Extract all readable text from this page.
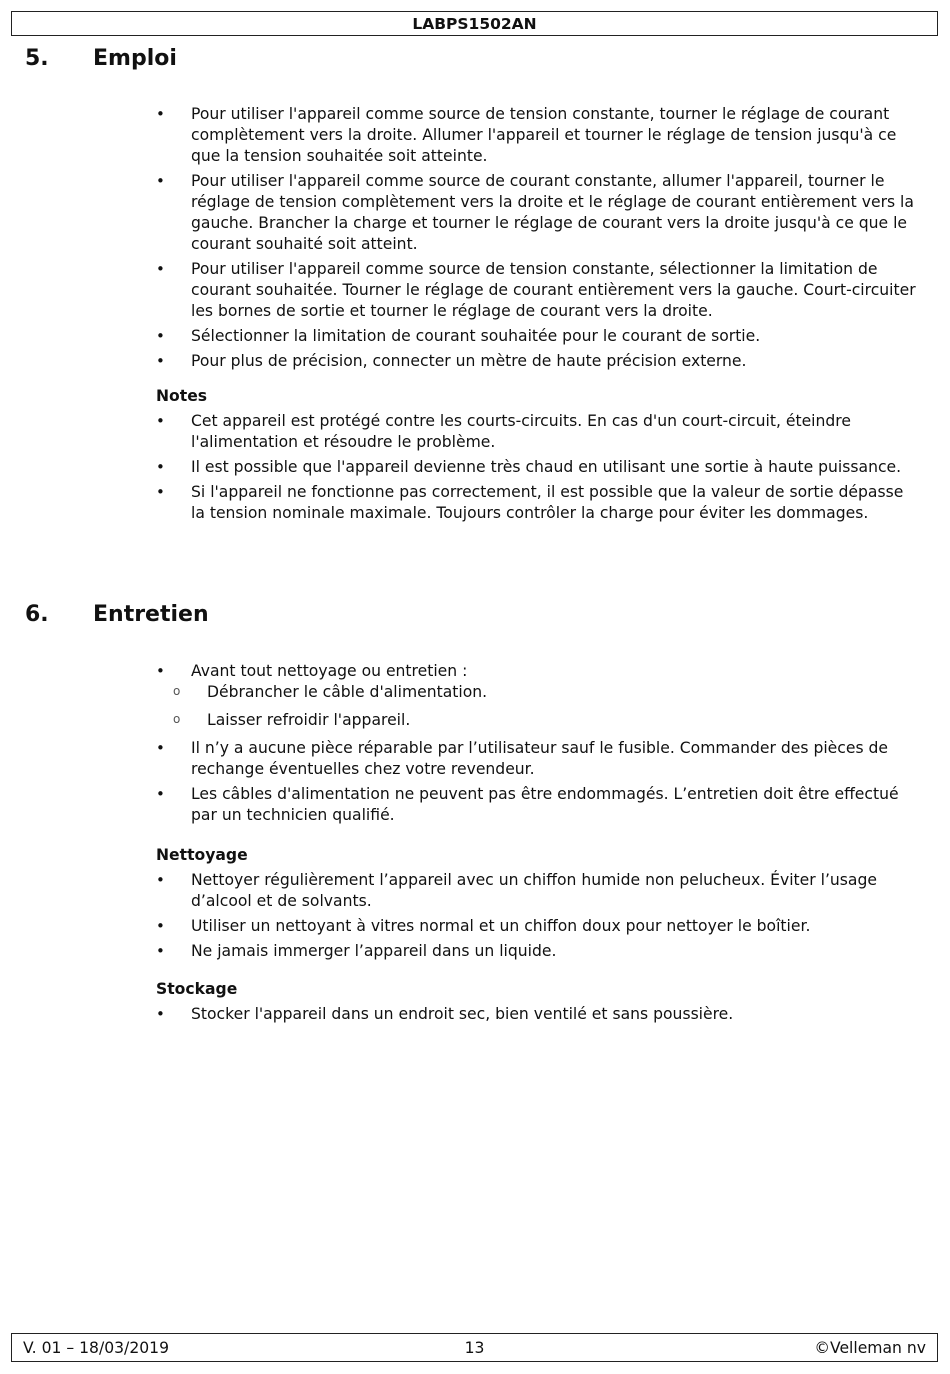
LABPS1502AN
5. Emploi
• Pour utiliser l'appareil comme source de tension constante, tourner le réglage de courant complètement vers la droite. Allumer l'appareil et tourner le réglage de tension jusqu'à ce que la tension souhaitée soit atteinte.
• Pour utiliser l'appareil comme source de courant constante, allumer l'appareil, tourner le réglage de tension complètement vers la droite et le réglage de courant entièrement vers la gauche. Brancher la charge et tourner le réglage de courant vers la droite jusqu'à ce que le courant souhaité soit atteint.
• Pour utiliser l'appareil comme source de tension constante, sélectionner la limitation de courant souhaitée. Tourner le réglage de courant entièrement vers la gauche. Court-circuiter les bornes de sortie et tourner le réglage de courant vers la droite.
• Sélectionner la limitation de courant souhaitée pour le courant de sortie.
• Pour plus de précision, connecter un mètre de haute précision externe.
Notes
• Cet appareil est protégé contre les courts-circuits. En cas d'un court-circuit, éteindre l'alimentation et résoudre le problème.
• Il est possible que l'appareil devienne très chaud en utilisant une sortie à haute puissance.
• Si l'appareil ne fonctionne pas correctement, il est possible que la valeur de sortie dépasse la tension nominale maximale. Toujours contrôler la charge pour éviter les dommages.
6. Entretien
• Avant tout nettoyage ou entretien :
o Débrancher le câble d'alimentation.
o Laisser refroidir l'appareil.
• Il n’y a aucune pièce réparable par l’utilisateur sauf le fusible. Commander des pièces de rechange éventuelles chez votre revendeur.
• Les câbles d'alimentation ne peuvent pas être endommagés. L’entretien doit être effectué par un technicien qualifié.
Nettoyage
• Nettoyer régulièrement l’appareil avec un chiffon humide non pelucheux. Éviter l’usage d’alcool et de solvants.
• Utiliser un nettoyant à vitres normal et un chiffon doux pour nettoyer le boîtier.
• Ne jamais immerger l’appareil dans un liquide.
Stockage
• Stocker l'appareil dans un endroit sec, bien ventilé et sans poussière.
V. 01 – 18/03/2019	13	©Velleman nv
